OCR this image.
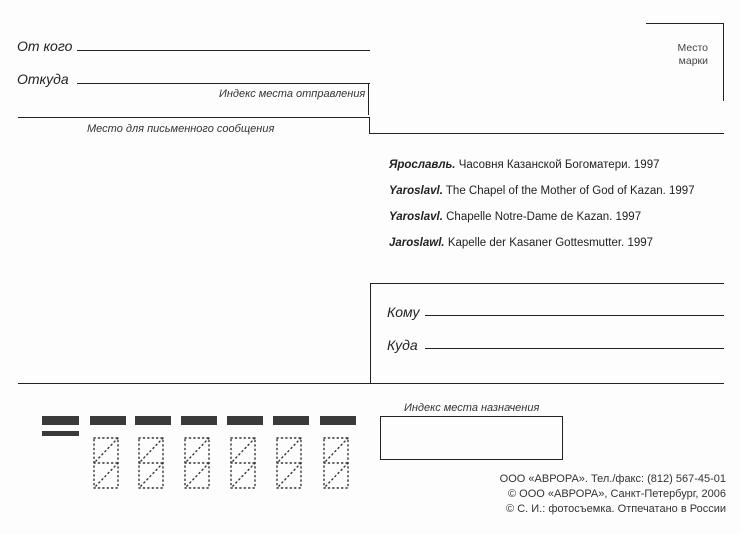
От кого
Откуда
Индекс места отправления
Место для письменного сообщения
Место
марки
Ярославль. Часовня Казанской Богоматери. 1997
Yaroslavl. The Chapel of the Mother of God of Kazan. 1997
Yaroslavl. Chapelle Notre-Dame de Kazan. 1997
Jaroslawl. Kapelle der Kasaner Gottesmutter. 1997
Кому
Куда
Индекс места назначения
ООО «АВРОРА». Тел./факс: (812) 567-45-01
© ООО «АВРОРА», Санкт-Петербург, 2006
© С. И.: фотосъемка. Отпечатано в России
